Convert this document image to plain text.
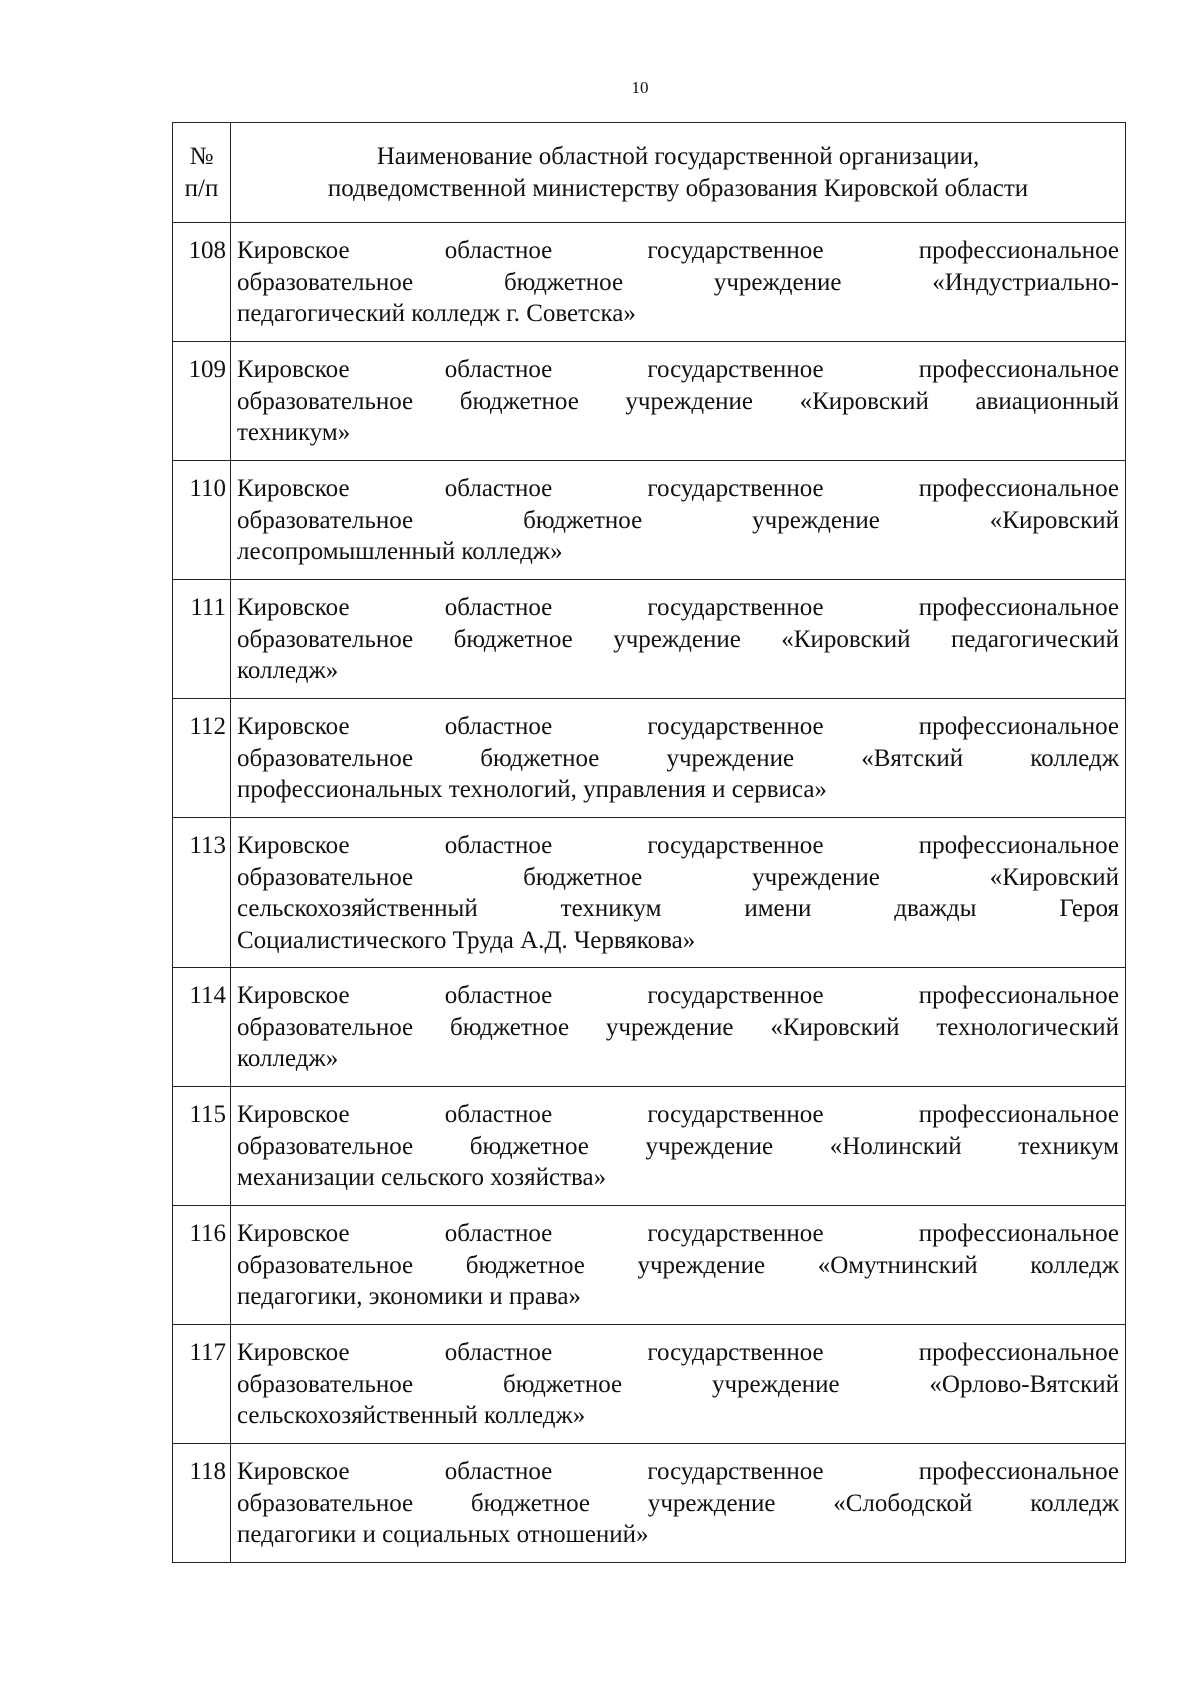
10
№
п/п	Наименование областной государственной организации,
подведомственной министерству образования Кировской области
108	Кировское областное государственное профессиональное
образовательное бюджетное учреждение «Индустриально-
педагогический колледж г. Советска»

109	Кировское областное государственное профессиональное
образовательное бюджетное учреждение «Кировский авиационный
техникум»

110	Кировское областное государственное профессиональное
образовательное бюджетное учреждение «Кировский
лесопромышленный колледж»

111	Кировское областное государственное профессиональное
образовательное бюджетное учреждение «Кировский педагогический
колледж»

112	Кировское областное государственное профессиональное
образовательное бюджетное учреждение «Вятский колледж
профессиональных технологий, управления и сервиса»

113	Кировское областное государственное профессиональное
образовательное бюджетное учреждение «Кировский
сельскохозяйственный техникум имени дважды Героя
Социалистического Труда А.Д. Червякова»

114	Кировское областное государственное профессиональное
образовательное бюджетное учреждение «Кировский технологический
колледж»

115	Кировское областное государственное профессиональное
образовательное бюджетное учреждение «Нолинский техникум
механизации сельского хозяйства»

116	Кировское областное государственное профессиональное
образовательное бюджетное учреждение «Омутнинский колледж
педагогики, экономики и права»

117	Кировское областное государственное профессиональное
образовательное бюджетное учреждение «Орлово-Вятский
сельскохозяйственный колледж»

118	Кировское областное государственное профессиональное
образовательное бюджетное учреждение «Слободской колледж
педагогики и социальных отношений»
